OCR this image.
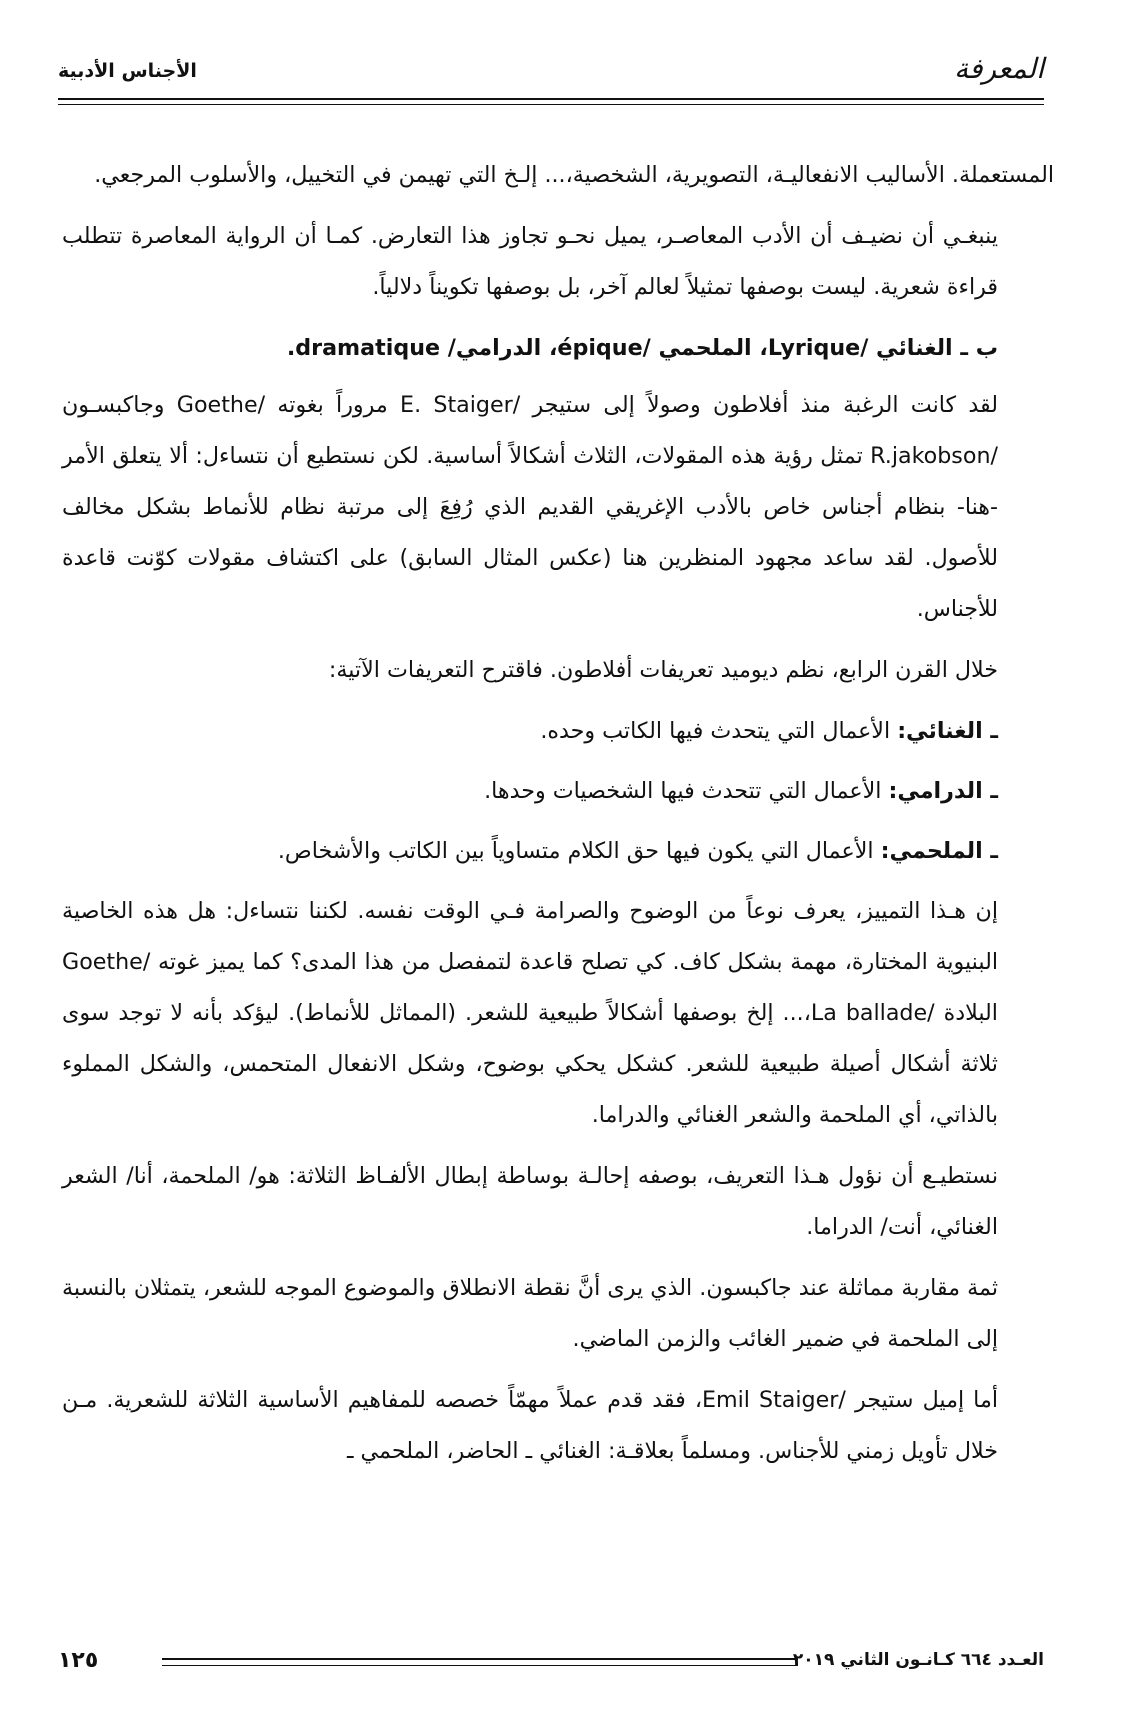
الأجناس الأدبية	المعرفة

المستعملة. الأساليب الانفعاليـة، التصويرية، الشخصية،... إلـخ التي تهيمن في التخييل، والأسلوب المرجعي.

ينبغـي أن نضيـف أن الأدب المعاصـر، يميل نحـو تجاوز هذا التعارض. كمـا أن الرواية المعاصرة تتطلب قراءة شعرية. ليست بوصفها تمثيلاً لعالم آخر، بل بوصفها تكويناً دلالياً.

ب ـ الغنائي /Lyrique، الملحمي /épique، الدرامي/ dramatique.

لقد كانت الرغبة منذ أفلاطون وصولاً إلى ستيجر /E. Staiger مروراً بغوته /Goethe وجاكبسـون /R.jakobson تمثل رؤية هذه المقولات، الثلاث أشكالاً أساسية. لكن نستطيع أن نتساءل: ألا يتعلق الأمر -هنا- بنظام أجناس خاص بالأدب الإغريقي القديم الذي رُفِعَ إلى مرتبة نظام للأنماط بشكل مخالف للأصول. لقد ساعد مجهود المنظرين هنا (عكس المثال السابق) على اكتشاف مقولات كوّنت قاعدة للأجناس.

خلال القرن الرابع، نظم ديوميد تعريفات أفلاطون. فاقترح التعريفات الآتية:

ـ الغنائي: الأعمال التي يتحدث فيها الكاتب وحده.

ـ الدرامي: الأعمال التي تتحدث فيها الشخصيات وحدها.

ـ الملحمي: الأعمال التي يكون فيها حق الكلام متساوياً بين الكاتب والأشخاص.

إن هـذا التمييز، يعرف نوعاً من الوضوح والصرامة فـي الوقت نفسه. لكننا نتساءل: هل هذه الخاصية البنيوية المختارة، مهمة بشكل كاف. كي تصلح قاعدة لتمفصل من هذا المدى؟ كما يميز غوته /Goethe البلادة /La ballade،... إلخ بوصفها أشكالاً طبيعية للشعر. (المماثل للأنماط). ليؤكد بأنه لا توجد سوى ثلاثة أشكال أصيلة طبيعية للشعر. كشكل يحكي بوضوح، وشكل الانفعال المتحمس، والشكل المملوء بالذاتي، أي الملحمة والشعر الغنائي والدراما.

نستطيـع أن نؤول هـذا التعريف، بوصفه إحالـة بوساطة إبطال الألفـاظ الثلاثة: هو/ الملحمة، أنا/ الشعر الغنائي، أنت/ الدراما.

ثمة مقاربة مماثلة عند جاكبسون. الذي يرى أنَّ نقطة الانطلاق والموضوع الموجه للشعر، يتمثلان بالنسبة إلى الملحمة في ضمير الغائب والزمن الماضي.

أما إميل ستيجر /Emil Staiger، فقد قدم عملاً مهمّاً خصصه للمفاهيم الأساسية الثلاثة للشعرية. مـن خلال تأويل زمني للأجناس. ومسلماً بعلاقـة: الغنائي ـ الحاضر، الملحمي ـ

١٢٥	العـدد ٦٦٤ كـانـون الثاني ٢٠١٩
